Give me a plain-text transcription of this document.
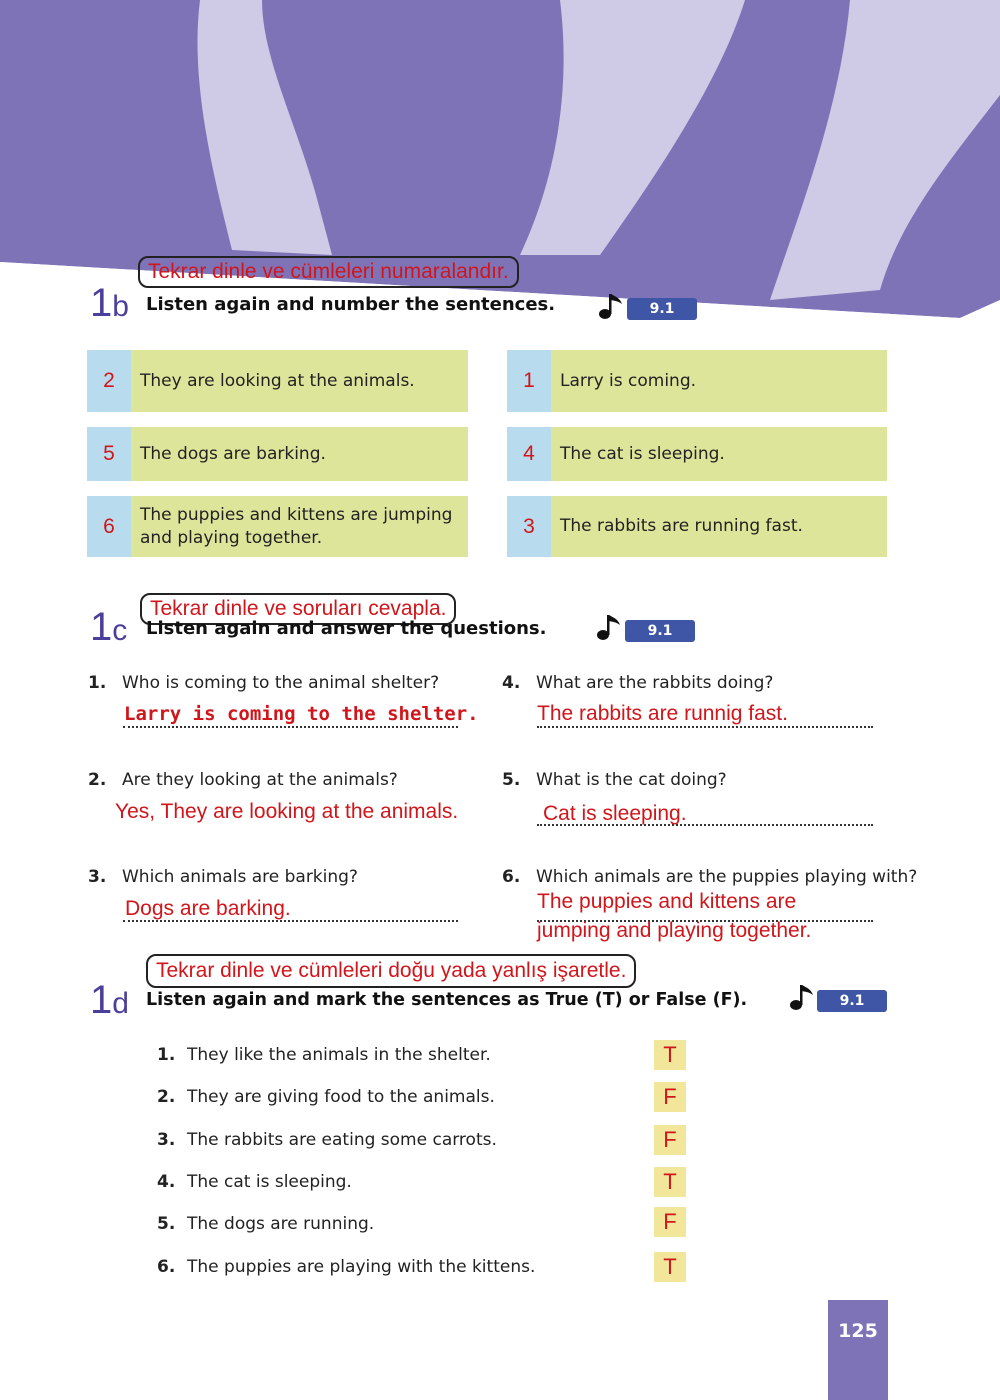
Tekrar dinle ve cümleleri numaralandır.
1b Listen again and number the sentences.	9.1
2	They are looking at the animals.	1	Larry is coming.
5	The dogs are barking.	4	The cat is sleeping.
6	The puppies and kittens are jumping and playing together.	3	The rabbits are running fast.
Tekrar dinle ve soruları cevapla.
1c Listen again and answer the questions.	9.1
1. Who is coming to the animal shelter?
Larry is coming to the shelter.
4. What are the rabbits doing?
The rabbits are runnig fast.
2. Are they looking at the animals?
Yes, They are looking at the animals.
5. What is the cat doing?
Cat is sleeping.
3. Which animals are barking?
Dogs are barking.
6. Which animals are the puppies playing with?
The puppies and kittens are
jumping and playing together.
Tekrar dinle ve cümleleri doğu yada yanlış işaretle.
1d Listen again and mark the sentences as True (T) or False (F).	9.1
1. They like the animals in the shelter.	T
2. They are giving food to the animals.	F
3. The rabbits are eating some carrots.	F
4. The cat is sleeping.	T
5. The dogs are running.	F
6. The puppies are playing with the kittens.	T
125
